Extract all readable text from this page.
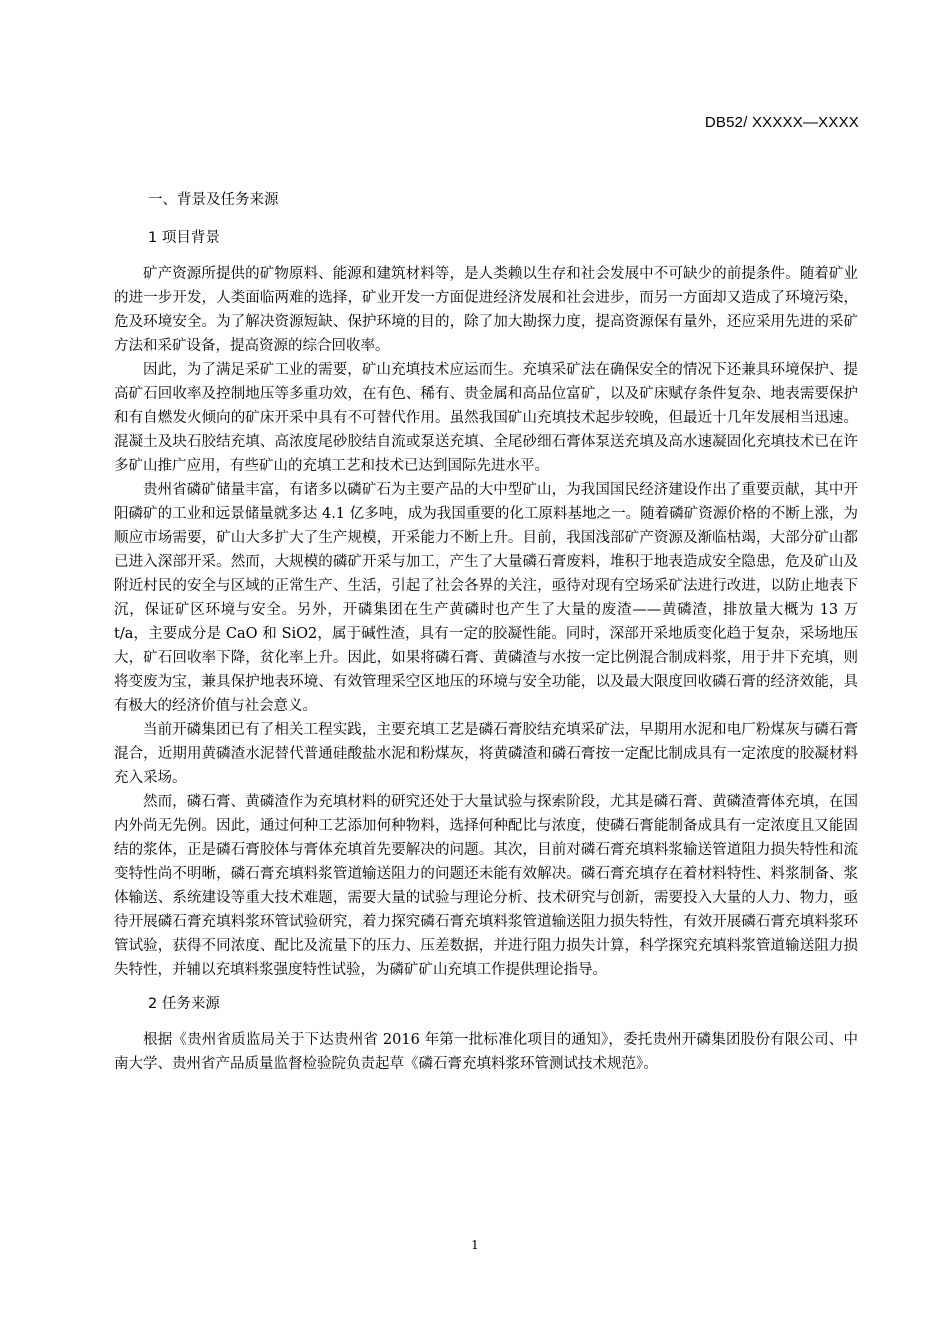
DB52/ XXXXX—XXXX
一、背景及任务来源
1 项目背景

矿产资源所提供的矿物原料、能源和建筑材料等，是人类赖以生存和社会发展中不可缺少的前提条件。随着矿业的进一步开发，人类面临两难的选择，矿业开发一方面促进经济发展和社会进步，而另一方面却又造成了环境污染，危及环境安全。为了解决资源短缺、保护环境的目的，除了加大勘探力度，提高资源保有量外，还应采用先进的采矿方法和采矿设备，提高资源的综合回收率。

因此，为了满足采矿工业的需要，矿山充填技术应运而生。充填采矿法在确保安全的情况下还兼具环境保护、提高矿石回收率及控制地压等多重功效，在有色、稀有、贵金属和高品位富矿，以及矿床赋存条件复杂、地表需要保护和有自燃发火倾向的矿床开采中具有不可替代作用。虽然我国矿山充填技术起步较晚，但最近十几年发展相当迅速。混凝土及块石胶结充填、高浓度尾砂胶结自流或泵送充填、全尾砂细石膏体泵送充填及高水速凝固化充填技术已在许多矿山推广应用，有些矿山的充填工艺和技术已达到国际先进水平。

贵州省磷矿储量丰富，有诸多以磷矿石为主要产品的大中型矿山，为我国国民经济建设作出了重要贡献，其中开阳磷矿的工业和远景储量就多达 4.1 亿多吨，成为我国重要的化工原料基地之一。随着磷矿资源价格的不断上涨，为顺应市场需要，矿山大多扩大了生产规模，开采能力不断上升。目前，我国浅部矿产资源及渐临枯竭，大部分矿山都已进入深部开采。然而，大规模的磷矿开采与加工，产生了大量磷石膏废料，堆积于地表造成安全隐患，危及矿山及附近村民的安全与区域的正常生产、生活，引起了社会各界的关注，亟待对现有空场采矿法进行改进，以防止地表下沉，保证矿区环境与安全。另外，开磷集团在生产黄磷时也产生了大量的废渣——黄磷渣，排放量大概为 13 万 t/a，主要成分是 CaO 和 SiO2，属于碱性渣，具有一定的胶凝性能。同时，深部开采地质变化趋于复杂，采场地压大，矿石回收率下降，贫化率上升。因此，如果将磷石膏、黄磷渣与水按一定比例混合制成料浆，用于井下充填，则将变废为宝，兼具保护地表环境、有效管理采空区地压的环境与安全功能，以及最大限度回收磷石膏的经济效能，具有极大的经济价值与社会意义。

当前开磷集团已有了相关工程实践，主要充填工艺是磷石膏胶结充填采矿法，早期用水泥和电厂粉煤灰与磷石膏混合，近期用黄磷渣水泥替代普通硅酸盐水泥和粉煤灰，将黄磷渣和磷石膏按一定配比制成具有一定浓度的胶凝材料充入采场。

然而，磷石膏、黄磷渣作为充填材料的研究还处于大量试验与探索阶段，尤其是磷石膏、黄磷渣膏体充填，在国内外尚无先例。因此，通过何种工艺添加何种物料，选择何种配比与浓度，使磷石膏能制备成具有一定浓度且又能固结的浆体，正是磷石膏胶体与膏体充填首先要解决的问题。其次，目前对磷石膏充填料浆输送管道阻力损失特性和流变特性尚不明晰，磷石膏充填料浆管道输送阻力的问题还未能有效解决。磷石膏充填存在着材料特性、料浆制备、浆体输送、系统建设等重大技术难题，需要大量的试验与理论分析、技术研究与创新，需要投入大量的人力、物力，亟待开展磷石膏充填料浆环管试验研究，着力探究磷石膏充填料浆管道输送阻力损失特性，有效开展磷石膏充填料浆环管试验，获得不同浓度、配比及流量下的压力、压差数据，并进行阻力损失计算，科学探究充填料浆管道输送阻力损失特性，并辅以充填料浆强度特性试验，为磷矿矿山充填工作提供理论指导。

2 任务来源

根据《贵州省质监局关于下达贵州省 2016 年第一批标准化项目的通知》，委托贵州开磷集团股份有限公司、中南大学、贵州省产品质量监督检验院负责起草《磷石膏充填料浆环管测试技术规范》。

1
